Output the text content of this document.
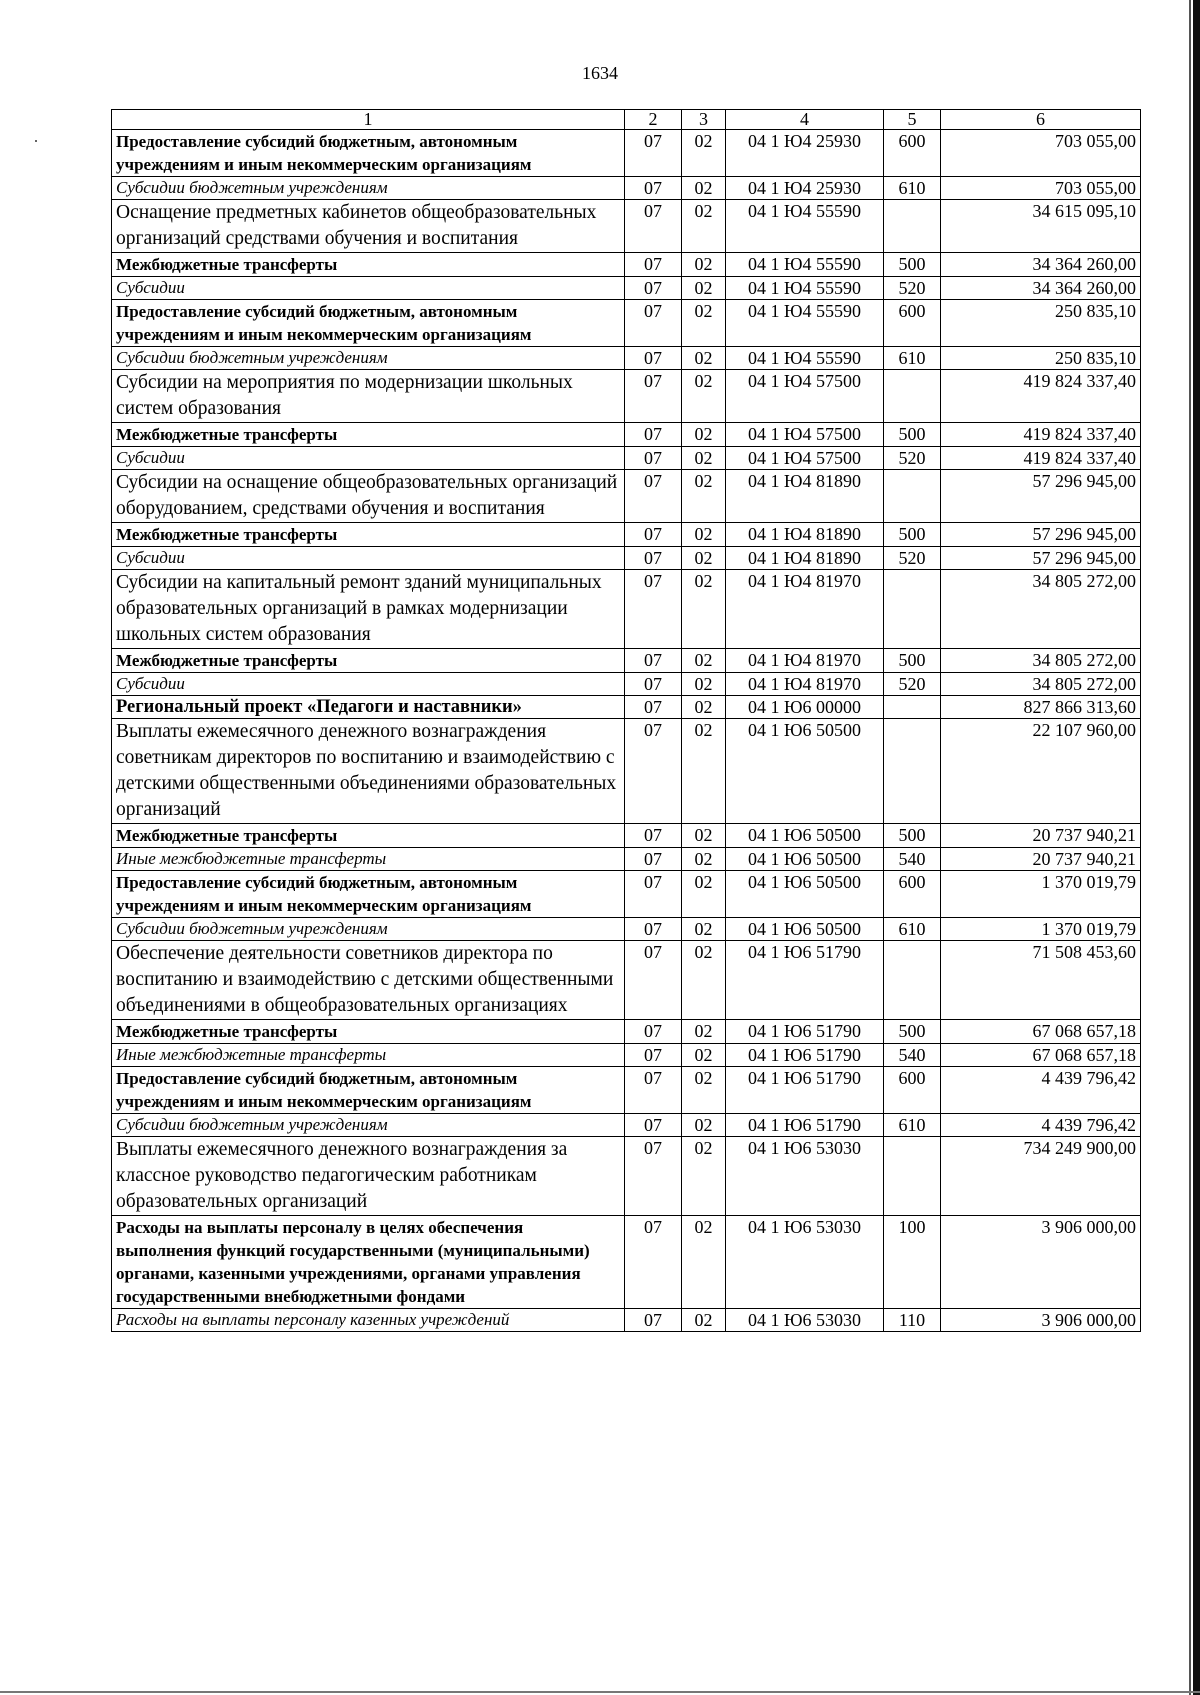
1634
1	2	3	4	5	6
Предоставление субсидий бюджетным, автономным учреждениям и иным некоммерческим организациям	07	02	04 1 Ю4 25930	600	703 055,00
Субсидии бюджетным учреждениям	07	02	04 1 Ю4 25930	610	703 055,00
Оснащение предметных кабинетов общеобразовательных организаций средствами обучения и воспитания	07	02	04 1 Ю4 55590		34 615 095,10
Межбюджетные трансферты	07	02	04 1 Ю4 55590	500	34 364 260,00
Субсидии	07	02	04 1 Ю4 55590	520	34 364 260,00
Предоставление субсидий бюджетным, автономным учреждениям и иным некоммерческим организациям	07	02	04 1 Ю4 55590	600	250 835,10
Субсидии бюджетным учреждениям	07	02	04 1 Ю4 55590	610	250 835,10
Субсидии на мероприятия по модернизации школьных систем образования	07	02	04 1 Ю4 57500		419 824 337,40
Межбюджетные трансферты	07	02	04 1 Ю4 57500	500	419 824 337,40
Субсидии	07	02	04 1 Ю4 57500	520	419 824 337,40
Субсидии на оснащение общеобразовательных организаций оборудованием, средствами обучения и воспитания	07	02	04 1 Ю4 81890		57 296 945,00
Межбюджетные трансферты	07	02	04 1 Ю4 81890	500	57 296 945,00
Субсидии	07	02	04 1 Ю4 81890	520	57 296 945,00
Субсидии на капитальный ремонт зданий муниципальных образовательных организаций в рамках модернизации школьных систем образования	07	02	04 1 Ю4 81970		34 805 272,00
Межбюджетные трансферты	07	02	04 1 Ю4 81970	500	34 805 272,00
Субсидии	07	02	04 1 Ю4 81970	520	34 805 272,00
Региональный проект «Педагоги и наставники»	07	02	04 1 Ю6 00000		827 866 313,60
Выплаты ежемесячного денежного вознаграждения советникам директоров по воспитанию и взаимодействию с детскими общественными объединениями образовательных организаций	07	02	04 1 Ю6 50500		22 107 960,00
Межбюджетные трансферты	07	02	04 1 Ю6 50500	500	20 737 940,21
Иные межбюджетные трансферты	07	02	04 1 Ю6 50500	540	20 737 940,21
Предоставление субсидий бюджетным, автономным учреждениям и иным некоммерческим организациям	07	02	04 1 Ю6 50500	600	1 370 019,79
Субсидии бюджетным учреждениям	07	02	04 1 Ю6 50500	610	1 370 019,79
Обеспечение деятельности советников директора по воспитанию и взаимодействию с детскими общественными объединениями в общеобразовательных организациях	07	02	04 1 Ю6 51790		71 508 453,60
Межбюджетные трансферты	07	02	04 1 Ю6 51790	500	67 068 657,18
Иные межбюджетные трансферты	07	02	04 1 Ю6 51790	540	67 068 657,18
Предоставление субсидий бюджетным, автономным учреждениям и иным некоммерческим организациям	07	02	04 1 Ю6 51790	600	4 439 796,42
Субсидии бюджетным учреждениям	07	02	04 1 Ю6 51790	610	4 439 796,42
Выплаты ежемесячного денежного вознаграждения за классное руководство педагогическим работникам образовательных организаций	07	02	04 1 Ю6 53030		734 249 900,00
Расходы на выплаты персоналу в целях обеспечения выполнения функций государственными (муниципальными) органами, казенными учреждениями, органами управления государственными внебюджетными фондами	07	02	04 1 Ю6 53030	100	3 906 000,00
Расходы на выплаты персоналу казенных учреждений	07	02	04 1 Ю6 53030	110	3 906 000,00
